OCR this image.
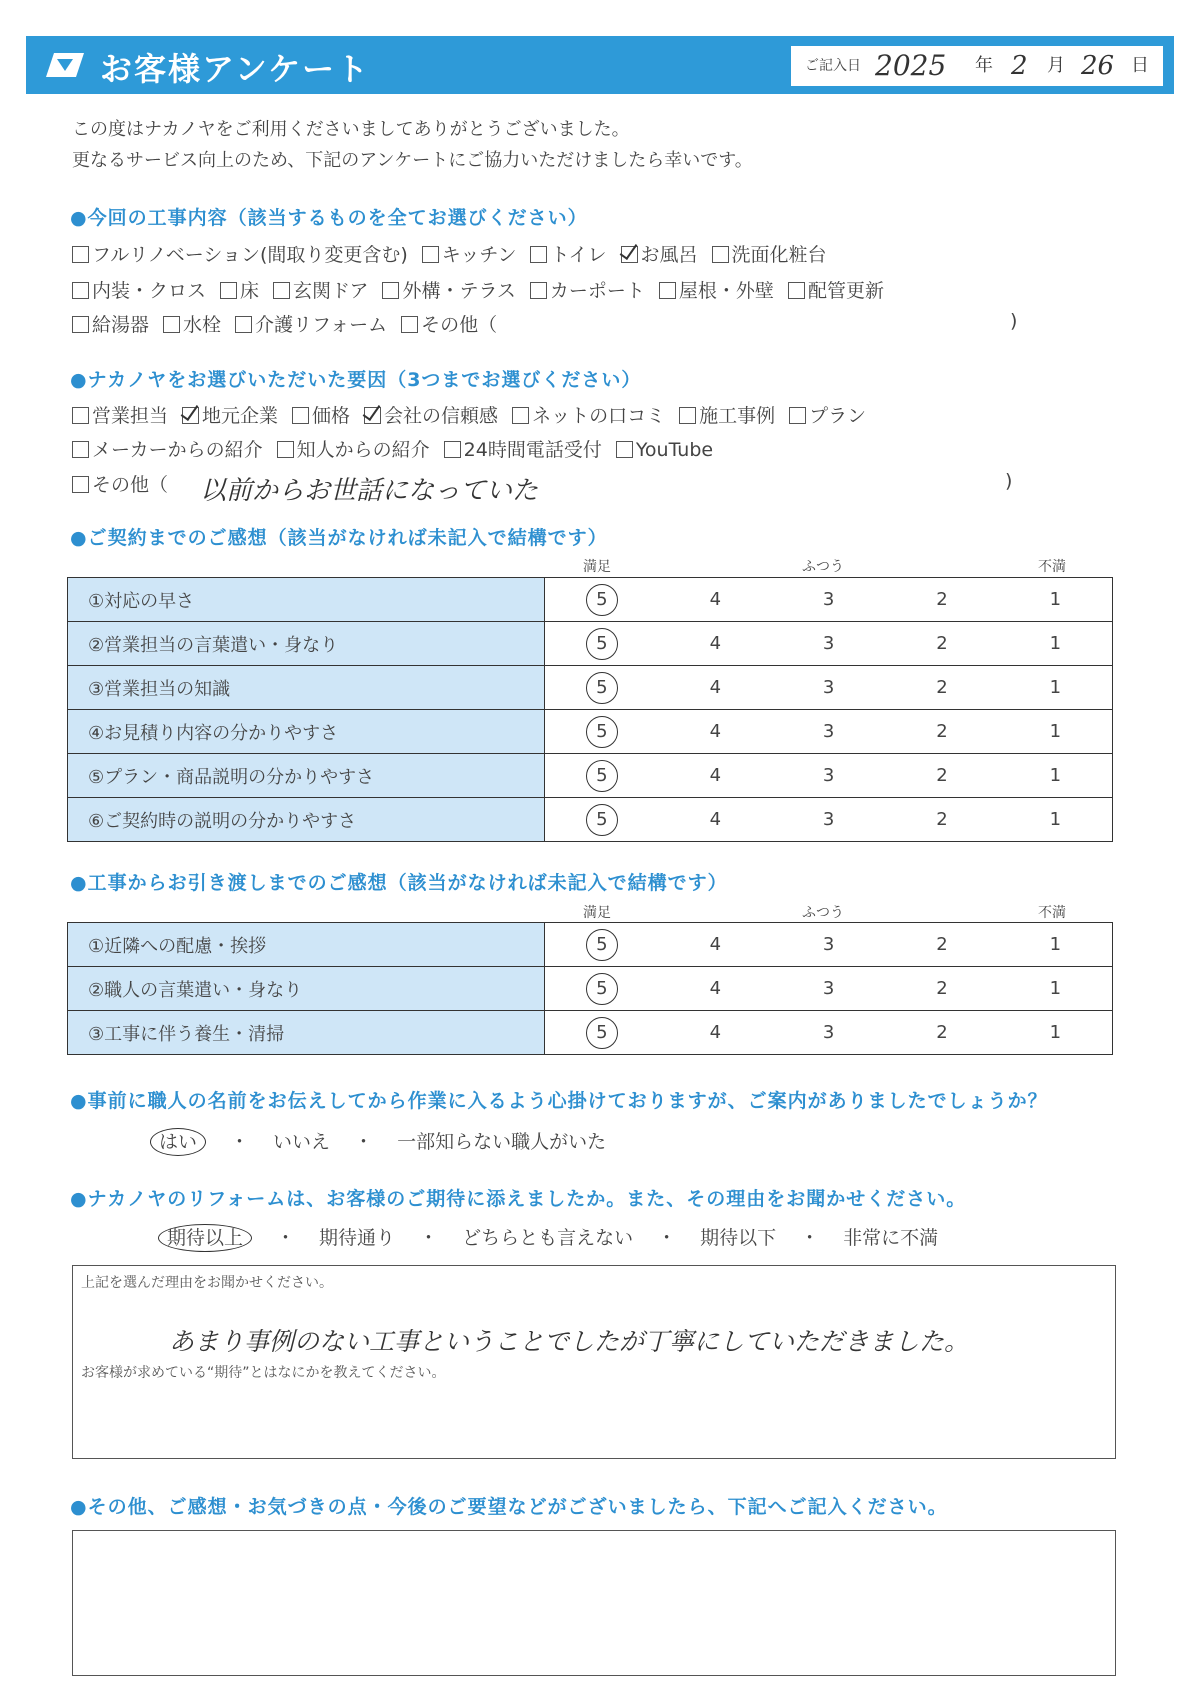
お客様アンケート	ご記入日 2025 年 2 月 26 日
この度はナカノヤをご利用くださいましてありがとうございました。
更なるサービス向上のため、下記のアンケートにご協力いただけましたら幸いです。
●今回の工事内容（該当するものを全てお選びください）
フルリノベーション(間取り変更含む) キッチン トイレ お風呂 洗面化粧台
内装・クロス 床 玄関ドア 外構・テラス カーポート 屋根・外壁 配管更新
給湯器 水栓 介護リフォーム その他（	)
●ナカノヤをお選びいただいた要因（3つまでお選びください）
営業担当 地元企業 価格 会社の信頼感 ネットの口コミ 施工事例 プラン
メーカーからの紹介 知人からの紹介 24時間電話受付 YouTube
その他（ 以前からお世話になっていた	)
●ご契約までのご感想（該当がなければ未記入で結構です）
満足	ふつう	不満
①対応の早さ	5	4	3	2	1
②営業担当の言葉遣い・身なり	5	4	3	2	1
③営業担当の知識	5	4	3	2	1
④お見積り内容の分かりやすさ	5	4	3	2	1
⑤プラン・商品説明の分かりやすさ	5	4	3	2	1
⑥ご契約時の説明の分かりやすさ	5	4	3	2	1
●工事からお引き渡しまでのご感想（該当がなければ未記入で結構です）
満足	ふつう	不満
①近隣への配慮・挨拶	5	4	3	2	1
②職人の言葉遣い・身なり	5	4	3	2	1
③工事に伴う養生・清掃	5	4	3	2	1
●事前に職人の名前をお伝えしてから作業に入るよう心掛けておりますが、ご案内がありましたでしょうか？
はい ・ いいえ ・ 一部知らない職人がいた
●ナカノヤのリフォームは、お客様のご期待に添えましたか。また、その理由をお聞かせください。
期待以上 ・ 期待通り ・ どちらとも言えない ・ 期待以下 ・ 非常に不満
上記を選んだ理由をお聞かせください。
お客様が求めている“期待”とはなにかを教えてください。
あまり事例のない工事ということでしたが丁寧にしていただきました。
●その他、ご感想・お気づきの点・今後のご要望などがございましたら、下記へご記入ください。
